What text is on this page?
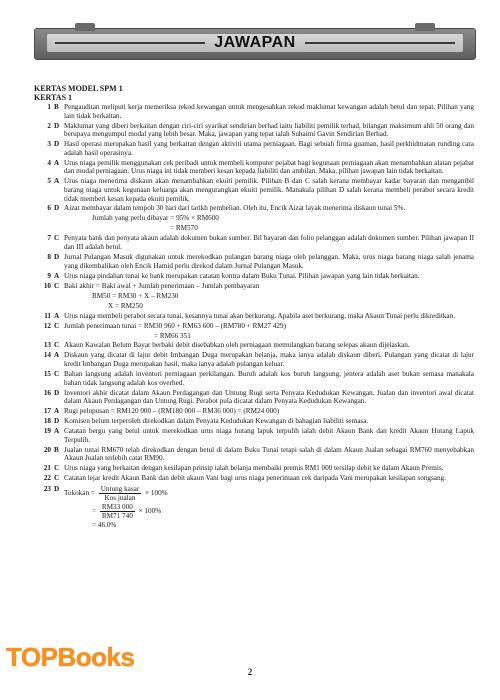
JAWAPAN

KERTAS MODEL SPM 1

KERTAS 1

1 B Pengauditan meliputi kerja memeriksa rekod kewangan untuk mengesahkan rekod maklumat kewangan adalah betul dan tepat. Pilihan yang lain tidak berkaitan.
2 D Maklumat yang diberi berkaitan dengan ciri-ciri syarikat sendirian berhad iaitu liabiliti pemilik terhad, bilangan maksimum ahli 50 orang dan berupaya mengumpul modal yang lebih besar. Maka, jawapan yang tepat ialah Suhaimi Gavin Sendirian Berhad.
3 D Hasil operasi merupakan hasil yang berkaitan dengan aktiviti utama perniagaan. Bagi sebuah firma guaman, hasil perkhidmatan runding cara adalah hasil operasinya.
4 A Urus niaga pemilik menggunakan cek peribadi untuk membeli komputer pejabat bagi kegunaan perniagaan akan menambahkan alatan pejabat dan modal perniagaan. Urus niaga ini tidak memberi kesan kepada liabiliti dan ambilan. Maka, pilihan jawapan lain tidak berkaitan.
5 A Urus niaga menerima diskaun akan menambahkan ekuiti pemilik. Pilihan B dan C salah kerana membayar kadar bayaran dan mengambil barang niaga untuk kegunaan keluarga akan mengurangkan ekuiti pemilik. Manakala pilihan D salah kerana membeli perabot secara kredit tidak memberi kesan kepada ekuiti pemilik.
6 D Aizat membayar dalam tempoh 30 hari dari tarikh pembelian. Oleh itu, Encik Aizat layak menerima diskaun tunai 5%.
Jumlah yang perlu dibayar = 95% × RM600
= RM570
7 C Penyata bank dan penyata akaun adalah dokumen bukan sumber. Bil bayaran dan folio pelanggan adalah dokumen sumber. Pilihan jawapan II dan III adalah betul.
8 D Jurnal Pulangan Masuk digunakan untuk merekodkan pulangan barang niaga oleh pelanggan. Maka, urus niaga barang niaga salah jenama yang dikembalikan oleh Encik Hamid perlu direkod dalam Jurnal Pulangan Masuk.
9 A Urus niaga pindahan tunai ke bank merupakan catatan kontra dalam Buku Tunai. Pilihan jawapan yang lain tidak berkaitan.
10 C Baki akhir = Baki awal + Jumlah penerimaan – Jumlah pembayaran
RM50 = RM30 + X – RM230
X = RM250
11 A Urus niaga membeli perabot secara tunai, kesannya tunai akan berkurang. Apabila aset berkurang, maka Akaun Tunai perlu dikreditkan.
12 C Jumlah penerimaan tunai = RM30 960 + RM63 600 – (RM780 + RM27 429)
= RM66 351
13 C Akaun Kawalan Belum Bayar berbaki debit disebabkan oleh perniagaan memulangkan barang selepas akaun dijelaskan.
14 A Diskaun yang dicatat di lajur debit Imbangan Duga merupakan belanja, maka ianya adalah diskaun diberi. Pulangan yang dicatat di lajur kredit Imbangan Duga merupakan hasil, maka ianya adalah pulangan keluar.
15 C Bahan langsung adalah inventori perniagaan perkilangan. Buruh adalah kos buruh langsung, jentera adalah aset bukan semasa manakala bahan tidak langsung adalah kos overhed.
16 D Inventori akhir dicatat dalam Akaun Perdagangan dan Untung Rugi serta Penyata Kedudukan Kewangan. Jualan dan inventori awal dicatat dalam Akaun Perdagangan dan Untung Rugi. Perabot pula dicatat dalam Penyata Kedudukan Kewangan.
17 A Rugi pelupusan = RM120 000 – (RM180 000 – RM36 000) = (RM24 000)
18 D Komisen belum terperoleh direkodkan dalam Penyata Kedudukan Kewangan di bahagian liabiliti semasa.
19 A Catatan bergu yang betul untuk merekodkan urus niaga hutang lapuk terpulih ialah debit Akaun Bank dan kredit Akaun Hutang Lapuk Terpulih.
20 B Jualan tunai RM670 telah direkodkan dengan betul di dalam Buku Tunai tetapi salah di dalam Akaun Jualan sebagai RM760 menyebabkan Akaun Jualan terlebih catat RM90.
21 C Urus niaga yang berkaitan dengan kesilapan prinsip ialah belanja membaiki premis RM1 000 tersilap debit ke dalam Akaun Premis.
22 C Catatan lejar kredit Akaun Bank dan debit akaun Vani bagi urus niaga penerimaan cek daripada Vani merupakan kesilapan songsang.
23 D
Tokokan = $\frac{\text{Untung kasar}}{\text{Kos jualan}} \times 100\%$
= $\frac{RM33 000}{RM71 740} \times 100\%$
= 46.0%
2
TOPBooks
